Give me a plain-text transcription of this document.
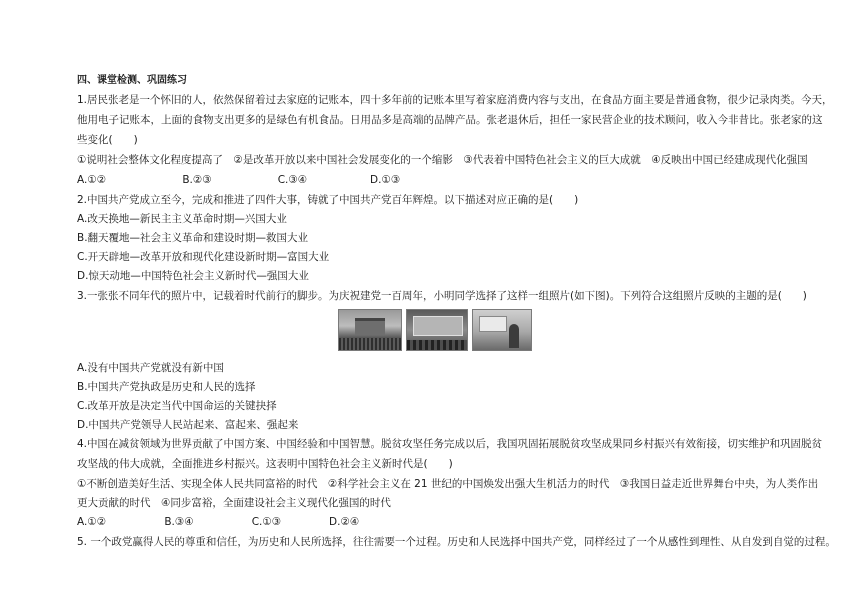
四、课堂检测、巩固练习
1.居民张老是一个怀旧的人，依然保留着过去家庭的记账本，四十多年前的记账本里写着家庭消费内容与支出，在食品方面主要是普通食物，很少记录肉类。今天，
他用电子记账本，上面的食物支出更多的是绿色有机食品。日用品多是高端的品牌产品。张老退休后，担任一家民营企业的技术顾问，收入今非昔比。张老家的这
些变化(　　)
①说明社会整体文化程度提高了　②是改革开放以来中国社会发展变化的一个缩影　③代表着中国特色社会主义的巨大成就　④反映出中国已经建成现代化强国
A.①②	B.②③	C.③④	D.①③
2.中国共产党成立至今，完成和推进了四件大事，铸就了中国共产党百年辉煌。以下描述对应正确的是(　　)
A.改天换地—新民主主义革命时期—兴国大业
B.翻天覆地—社会主义革命和建设时期—救国大业
C.开天辟地—改革开放和现代化建设新时期—富国大业
D.惊天动地—中国特色社会主义新时代—强国大业
3.一张张不同年代的照片中，记载着时代前行的脚步。为庆祝建党一百周年，小明同学选择了这样一组照片(如下图)。下列符合这组照片反映的主题的是(　　)
A.没有中国共产党就没有新中国
B.中国共产党执政是历史和人民的选择
C.改革开放是决定当代中国命运的关键抉择
D.中国共产党领导人民站起来、富起来、强起来
4.中国在减贫领域为世界贡献了中国方案、中国经验和中国智慧。脱贫攻坚任务完成以后，我国巩固拓展脱贫攻坚成果同乡村振兴有效衔接，切实维护和巩固脱贫
攻坚战的伟大成就，全面推进乡村振兴。这表明中国特色社会主义新时代是(　　)
①不断创造美好生活、实现全体人民共同富裕的时代　②科学社会主义在 21 世纪的中国焕发出强大生机活力的时代　③我国日益走近世界舞台中央，为人类作出
更大贡献的时代　④同步富裕，全面建设社会主义现代化强国的时代
A.①②	B.③④	C.①③	D.②④
5. 一个政党赢得人民的尊重和信任，为历史和人民所选择，往往需要一个过程。历史和人民选择中国共产党，同样经过了一个从感性到理性、从自发到自觉的过程。
